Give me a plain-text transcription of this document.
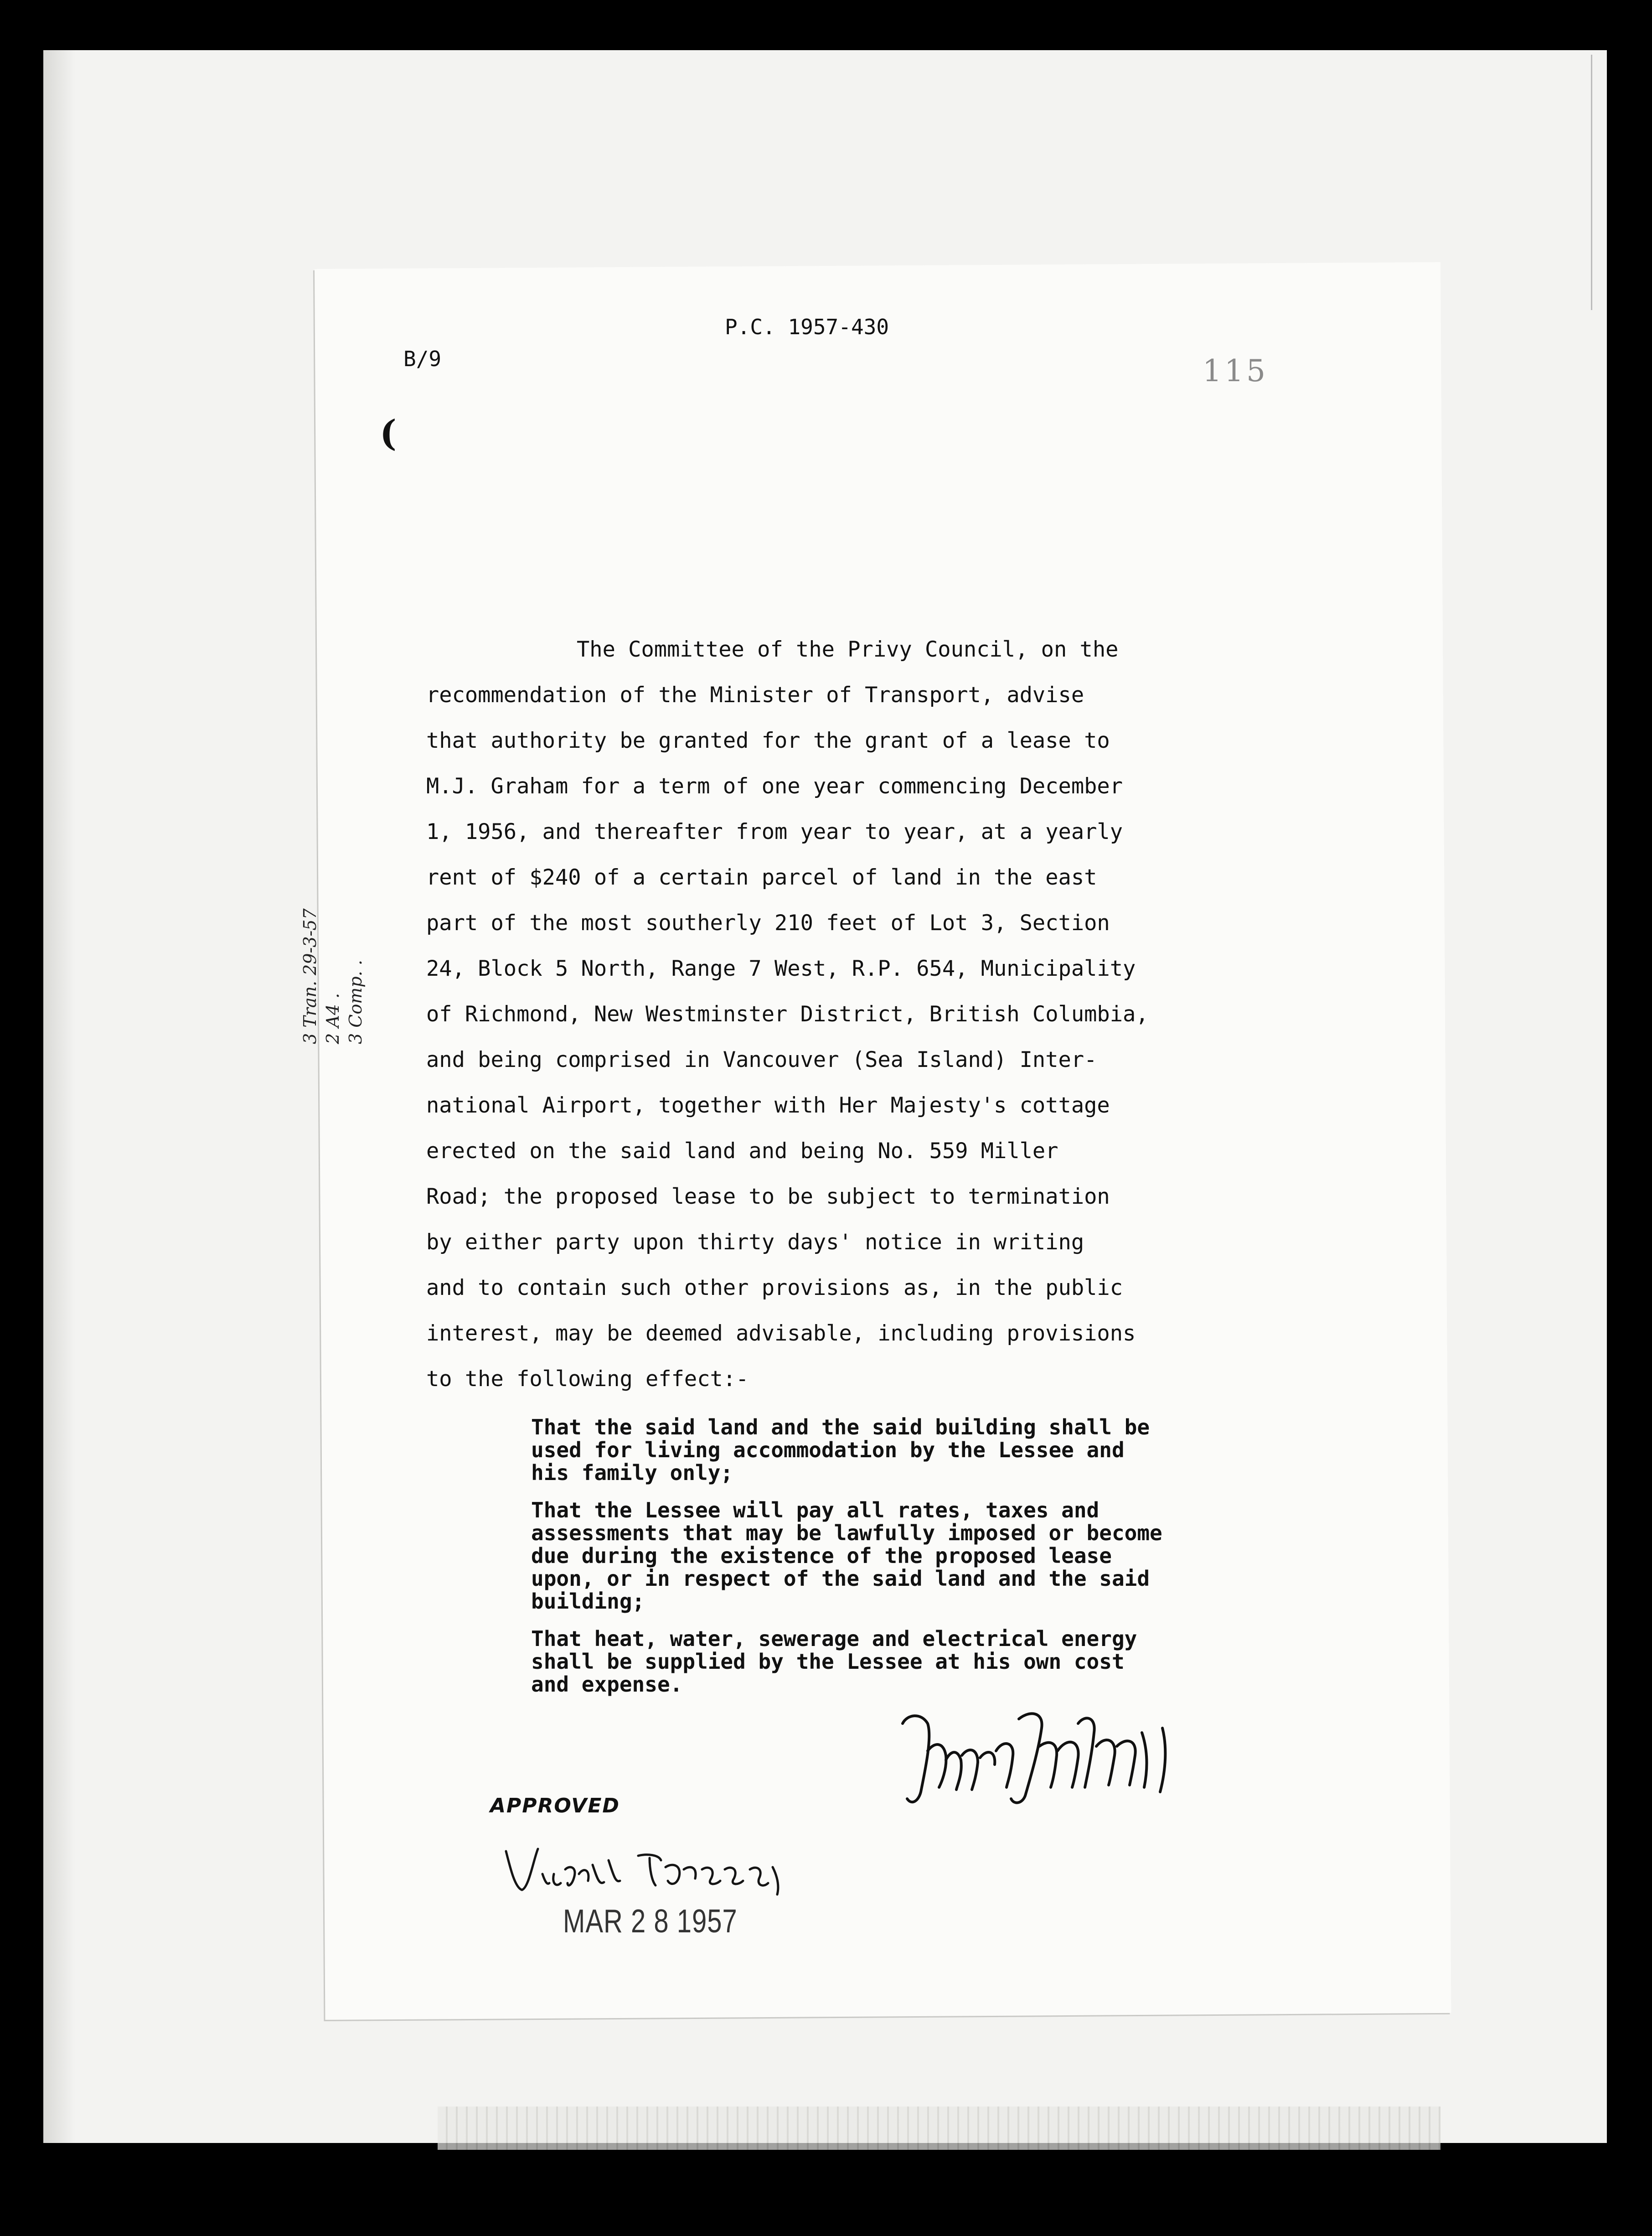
P.C. 1957-430
B/9	115
(

The Committee of the Privy Council, on the

recommendation of the Minister of Transport, advise

that authority be granted for the grant of a lease to

M.J. Graham for a term of one year commencing December

1, 1956, and thereafter from year to year, at a yearly

rent of $240 of a certain parcel of land in the east

part of the most southerly 210 feet of Lot 3, Section

24, Block 5 North, Range 7 West, R.P. 654, Municipality

of Richmond, New Westminster District, British Columbia,

and being comprised in Vancouver (Sea Island) Inter-

national Airport, together with Her Majesty's cottage

erected on the said land and being No. 559 Miller

Road; the proposed lease to be subject to termination

by either party upon thirty days' notice in writing

and to contain such other provisions as, in the public

interest, may be deemed advisable, including provisions

to the following effect:-

That the said land and the said building shall be
used for living accommodation by the Lessee and
his family only;

That the Lessee will pay all rates, taxes and
assessments that may be lawfully imposed or become
due during the existence of the proposed lease
upon, or in respect of the said land and the said
building;

That heat, water, sewerage and electrical energy
shall be supplied by the Lessee at his own cost
and expense.

3 Tran. 29-3-57 2 A4 . 3 Comp. .
APPROVED
MAR 2 8 1957
